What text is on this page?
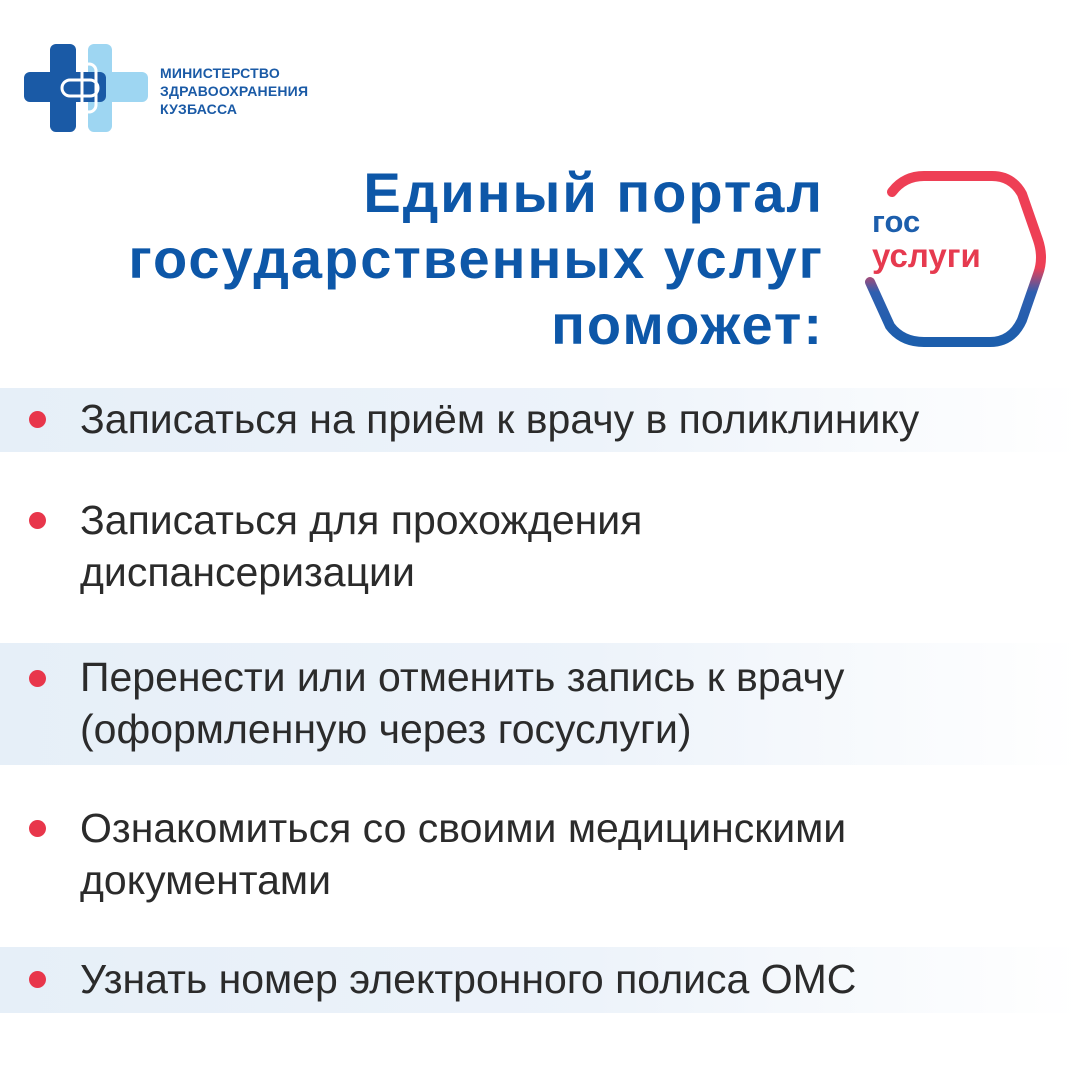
МИНИСТЕРСТВО
ЗДРАВООХРАНЕНИЯ
КУЗБАССА
Единый портал
государственных услуг
поможет:
гос
услуги
Записаться на приём к врачу в поликлинику
Записаться для прохождения
диспансеризации
Перенести или отменить запись к врачу
(оформленную через госуслуги)
Ознакомиться со своими медицинскими
документами
Узнать номер электронного полиса ОМС
